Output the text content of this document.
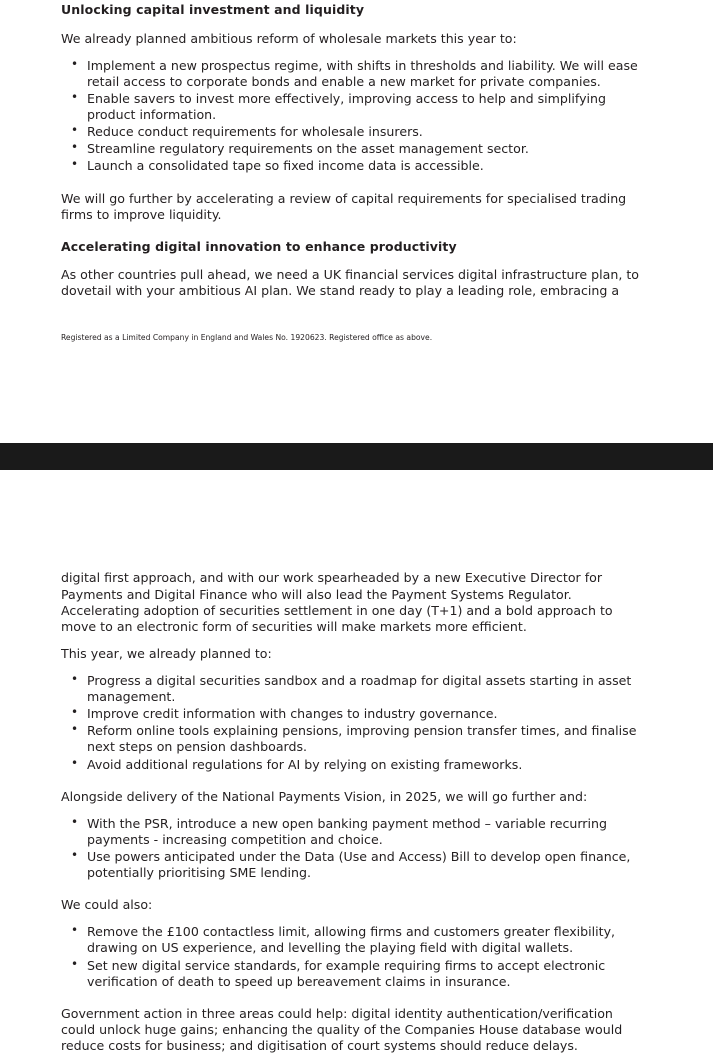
Unlocking capital investment and liquidity

We already planned ambitious reform of wholesale markets this year to:

• Implement a new prospectus regime, with shifts in thresholds and liability. We will ease retail access to corporate bonds and enable a new market for private companies.
• Enable savers to invest more effectively, improving access to help and simplifying product information.
• Reduce conduct requirements for wholesale insurers.
• Streamline regulatory requirements on the asset management sector.
• Launch a consolidated tape so fixed income data is accessible.

We will go further by accelerating a review of capital requirements for specialised trading firms to improve liquidity.

Accelerating digital innovation to enhance productivity

As other countries pull ahead, we need a UK financial services digital infrastructure plan, to dovetail with your ambitious AI plan. We stand ready to play a leading role, embracing a

Registered as a Limited Company in England and Wales No. 1920623. Registered office as above.

digital first approach, and with our work spearheaded by a new Executive Director for Payments and Digital Finance who will also lead the Payment Systems Regulator. Accelerating adoption of securities settlement in one day (T+1) and a bold approach to move to an electronic form of securities will make markets more efficient.

This year, we already planned to:

• Progress a digital securities sandbox and a roadmap for digital assets starting in asset management.
• Improve credit information with changes to industry governance.
• Reform online tools explaining pensions, improving pension transfer times, and finalise next steps on pension dashboards.
• Avoid additional regulations for AI by relying on existing frameworks.

Alongside delivery of the National Payments Vision, in 2025, we will go further and:

• With the PSR, introduce a new open banking payment method – variable recurring payments - increasing competition and choice.
• Use powers anticipated under the Data (Use and Access) Bill to develop open finance, potentially prioritising SME lending.

We could also:

• Remove the £100 contactless limit, allowing firms and customers greater flexibility, drawing on US experience, and levelling the playing field with digital wallets.
• Set new digital service standards, for example requiring firms to accept electronic verification of death to speed up bereavement claims in insurance.

Government action in three areas could help: digital identity authentication/verification could unlock huge gains; enhancing the quality of the Companies House database would reduce costs for business; and digitisation of court systems should reduce delays.
